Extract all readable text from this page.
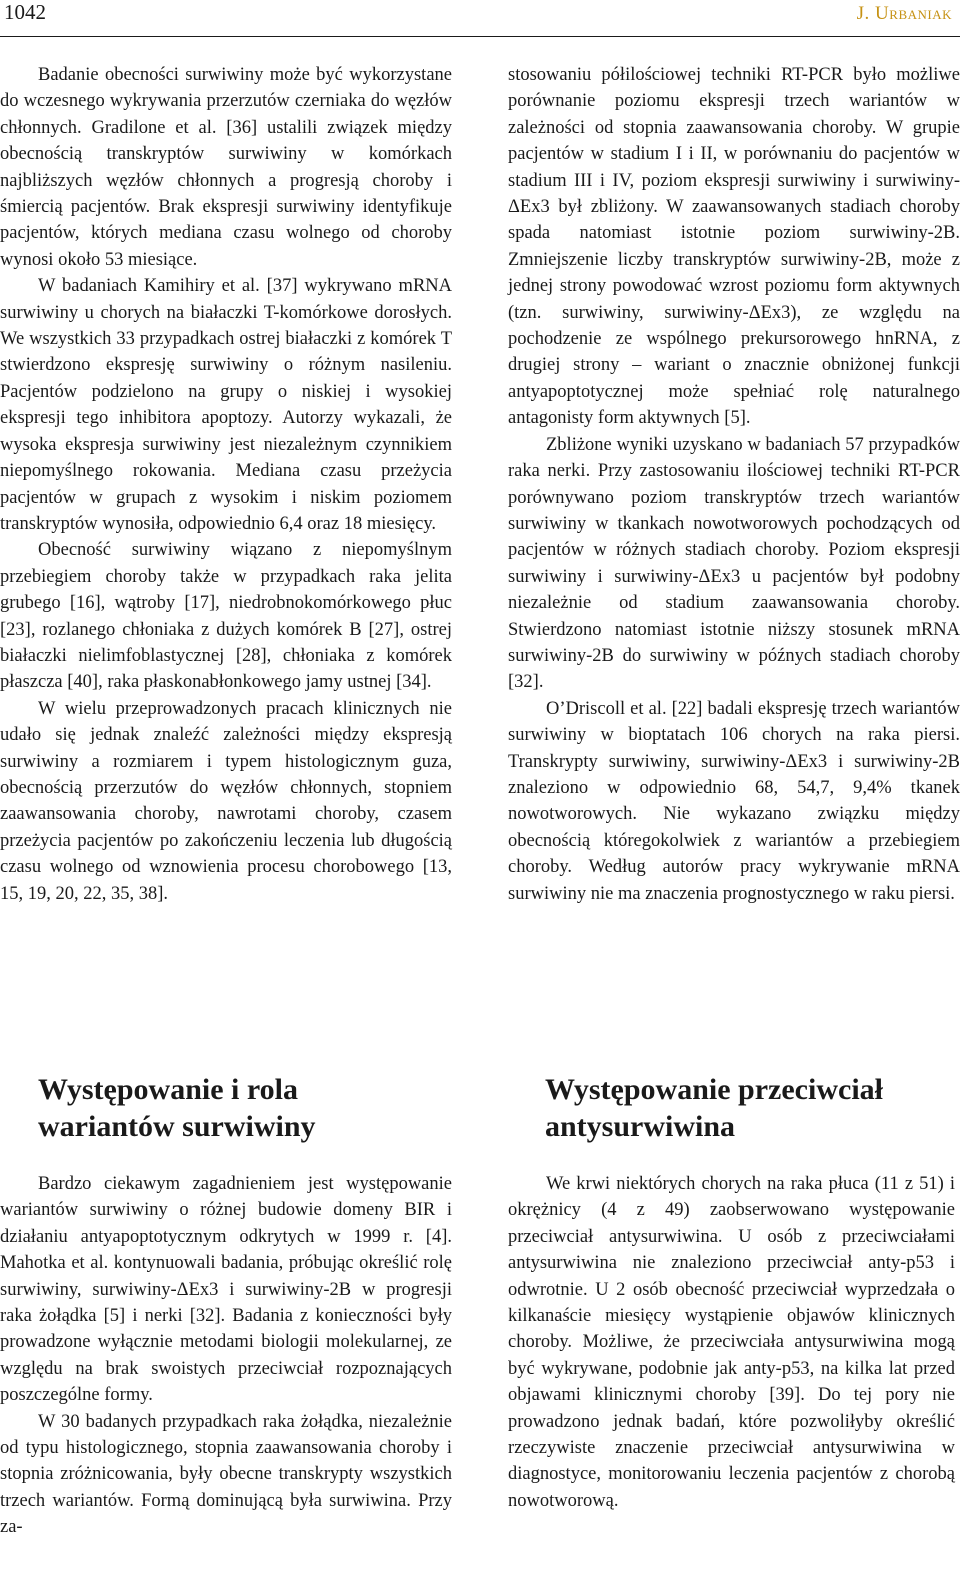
1042	J. Urbaniak

Badanie obecności surwiwiny może być wykorzystane do wczesnego wykrywania przerzutów czerniaka do węzłów chłonnych. Gradilone et al. [36] ustalili związek między obecnością transkryptów surwiwiny w komórkach najbliższych węzłów chłonnych a progresją choroby i śmiercią pacjentów. Brak ekspresji surwiwiny identyfikuje pacjentów, których mediana czasu wolnego od choroby wynosi około 53 miesiące.

W badaniach Kamihiry et al. [37] wykrywano mRNA surwiwiny u chorych na białaczki T-komórkowe dorosłych. We wszystkich 33 przypadkach ostrej białaczki z komórek T stwierdzono ekspresję surwiwiny o różnym nasileniu. Pacjentów podzielono na grupy o niskiej i wysokiej ekspresji tego inhibitora apoptozy. Autorzy wykazali, że wysoka ekspresja surwiwiny jest niezależnym czynnikiem niepomyślnego rokowania. Mediana czasu przeżycia pacjentów w grupach z wysokim i niskim poziomem transkryptów wynosiła, odpowiednio 6,4 oraz 18 miesięcy.

Obecność surwiwiny wiązano z niepomyślnym przebiegiem choroby także w przypadkach raka jelita grubego [16], wątroby [17], niedrobnokomórkowego płuc [23], rozlanego chłoniaka z dużych komórek B [27], ostrej białaczki nielimfoblastycznej [28], chłoniaka z komórek płaszcza [40], raka płaskonabłonkowego jamy ustnej [34].

W wielu przeprowadzonych pracach klinicznych nie udało się jednak znaleźć zależności między ekspresją surwiwiny a rozmiarem i typem histologicznym guza, obecnością przerzutów do węzłów chłonnych, stopniem zaawansowania choroby, nawrotami choroby, czasem przeżycia pacjentów po zakończeniu leczenia lub długością czasu wolnego od wznowienia procesu chorobowego [13, 15, 19, 20, 22, 35, 38].

stosowaniu półilościowej techniki RT-PCR było możliwe porównanie poziomu ekspresji trzech wariantów w zależności od stopnia zaawansowania choroby. W grupie pacjentów w stadium I i II, w porównaniu do pacjentów w stadium III i IV, poziom ekspresji surwiwiny i surwiwiny-ΔEx3 był zbliżony. W zaawansowanych stadiach choroby spada natomiast istotnie poziom surwiwiny-2B. Zmniejszenie liczby transkryptów surwiwiny-2B, może z jednej strony powodować wzrost poziomu form aktywnych (tzn. surwiwiny, surwiwiny-ΔEx3), ze względu na pochodzenie ze wspólnego prekursorowego hnRNA, z drugiej strony – wariant o znacznie obniżonej funkcji antyapoptotycznej może spełniać rolę naturalnego antagonisty form aktywnych [5].

Zbliżone wyniki uzyskano w badaniach 57 przypadków raka nerki. Przy zastosowaniu ilościowej techniki RT-PCR porównywano poziom transkryptów trzech wariantów surwiwiny w tkankach nowotworowych pochodzących od pacjentów w różnych stadiach choroby. Poziom ekspresji surwiwiny i surwiwiny-ΔEx3 u pacjentów był podobny niezależnie od stadium zaawansowania choroby. Stwierdzono natomiast istotnie niższy stosunek mRNA surwiwiny-2B do surwiwiny w późnych stadiach choroby [32].

O’Driscoll et al. [22] badali ekspresję trzech wariantów surwiwiny w bioptatach 106 chorych na raka piersi. Transkrypty surwiwiny, surwiwiny-ΔEx3 i surwiwiny-2B znaleziono w odpowiednio 68, 54,7, 9,4% tkanek nowotworowych. Nie wykazano związku między obecnością któregokolwiek z wariantów a przebiegiem choroby. Według autorów pracy wykrywanie mRNA surwiwiny nie ma znaczenia prognostycznego w raku piersi.

Występowanie i rola wariantów surwiwiny
Występowanie przeciwciał antysurwiwina

Bardzo ciekawym zagadnieniem jest występowanie wariantów surwiwiny o różnej budowie domeny BIR i działaniu antyapoptotycznym odkrytych w 1999 r. [4]. Mahotka et al. kontynuowali badania, próbując określić rolę surwiwiny, surwiwiny-ΔEx3 i surwiwiny-2B w progresji raka żołądka [5] i nerki [32]. Badania z konieczności były prowadzone wyłącznie metodami biologii molekularnej, ze względu na brak swoistych przeciwciał rozpoznających poszczególne formy.

W 30 badanych przypadkach raka żołądka, niezależnie od typu histologicznego, stopnia zaawansowania choroby i stopnia zróżnicowania, były obecne transkrypty wszystkich trzech wariantów. Formą dominującą była surwiwina. Przy za-

We krwi niektórych chorych na raka płuca (11 z 51) i okrężnicy (4 z 49) zaobserwowano występowanie przeciwciał antysurwiwina. U osób z przeciwciałami antysurwiwina nie znaleziono przeciwciał anty-p53 i odwrotnie. U 2 osób obecność przeciwciał wyprzedzała o kilkanaście miesięcy wystąpienie objawów klinicznych choroby. Możliwe, że przeciwciała antysurwiwina mogą być wykrywane, podobnie jak anty-p53, na kilka lat przed objawami klinicznymi choroby [39]. Do tej pory nie prowadzono jednak badań, które pozwoliłyby określić rzeczywiste znaczenie przeciwciał antysurwiwina w diagnostyce, monitorowaniu leczenia pacjentów z chorobą nowotworową.
